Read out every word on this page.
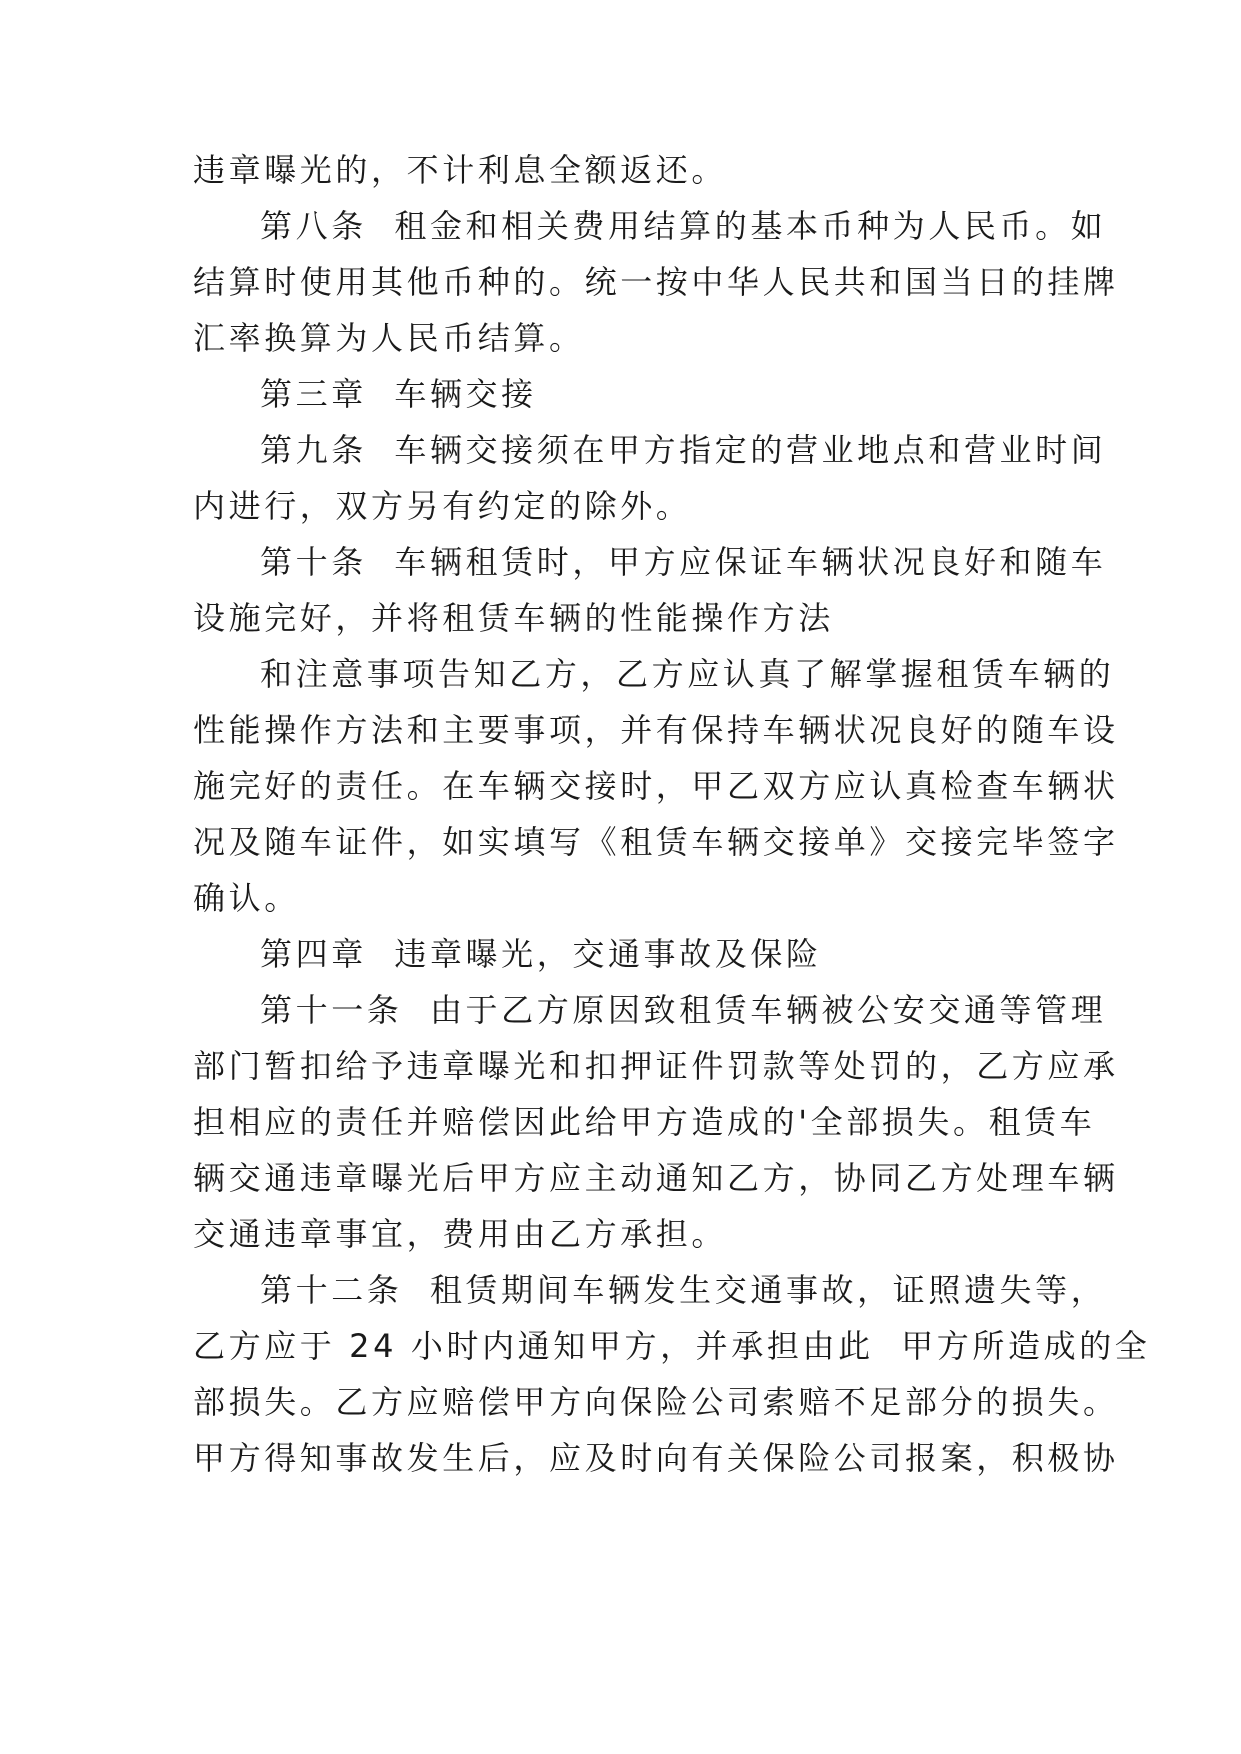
违章曝光的，不计利息全额返还。
第八条  租金和相关费用结算的基本币种为人民币。如
结算时使用其他币种的。统一按中华人民共和国当日的挂牌
汇率换算为人民币结算。
第三章  车辆交接
第九条  车辆交接须在甲方指定的营业地点和营业时间
内进行，双方另有约定的除外。
第十条  车辆租赁时，甲方应保证车辆状况良好和随车
设施完好，并将租赁车辆的性能操作方法
和注意事项告知乙方，乙方应认真了解掌握租赁车辆的
性能操作方法和主要事项，并有保持车辆状况良好的随车设
施完好的责任。在车辆交接时，甲乙双方应认真检查车辆状
况及随车证件，如实填写《租赁车辆交接单》交接完毕签字
确认。
第四章  违章曝光，交通事故及保险
第十一条  由于乙方原因致租赁车辆被公安交通等管理
部门暂扣给予违章曝光和扣押证件罚款等处罚的，乙方应承
担相应的责任并赔偿因此给甲方造成的'全部损失。租赁车
辆交通违章曝光后甲方应主动通知乙方，协同乙方处理车辆
交通违章事宜，费用由乙方承担。
第十二条  租赁期间车辆发生交通事故，证照遗失等，
乙方应于 24 小时内通知甲方，并承担由此  甲方所造成的全
部损失。乙方应赔偿甲方向保险公司索赔不足部分的损失。
甲方得知事故发生后，应及时向有关保险公司报案，积极协
